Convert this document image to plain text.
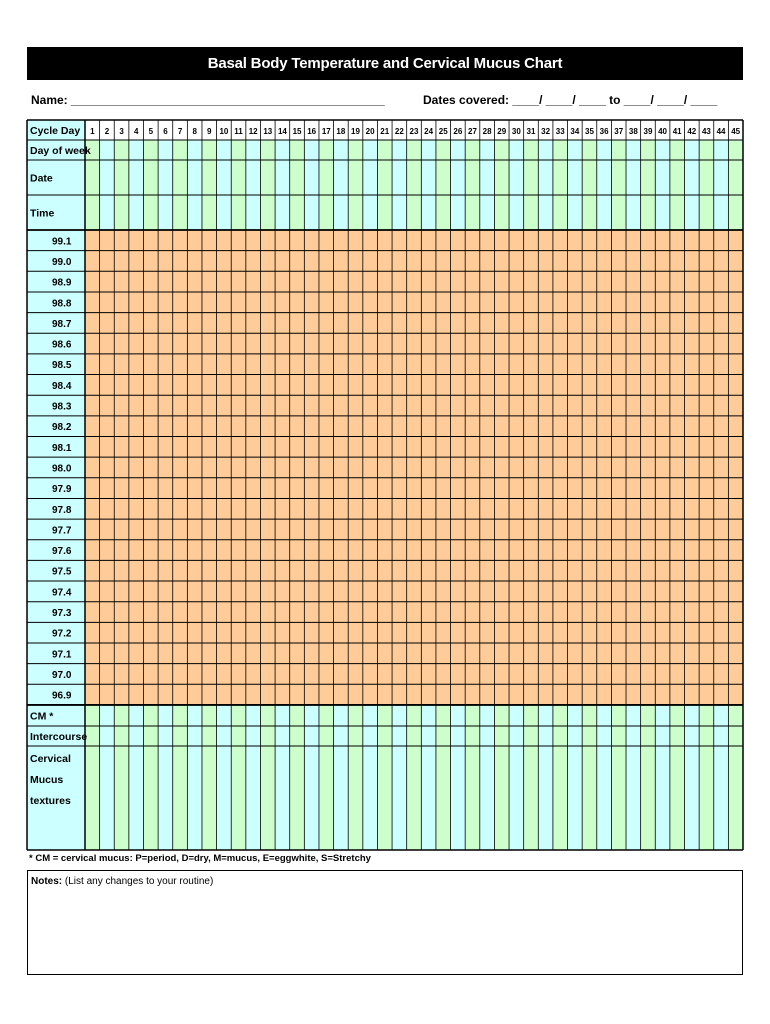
Basal Body Temperature and Cervical Mucus Chart
Name: _______________________________________________	Dates covered: ____/ ____/ ____ to ____/ ____/ ____
Cycle Day 1 2 3 4 5 6 7 8 9 10 11 12 13 14 15 16 17 18 19 20 21 22 23 24 25 26 27 28 29 30 31 32 33 34 35 36 37 38 39 40 41 42 43 44 45
Day of week
Date
Time
99.1
99.0
98.9
98.8
98.7
98.6
98.5
98.4
98.3
98.2
98.1
98.0
97.9
97.8
97.7
97.6
97.5
97.4
97.3
97.2
97.1
97.0
96.9
CM *
Intercourse
Cervical
Mucus
textures
* CM = cervical mucus: P=period, D=dry, M=mucus, E=eggwhite, S=Stretchy
Notes: (List any changes to your routine)
